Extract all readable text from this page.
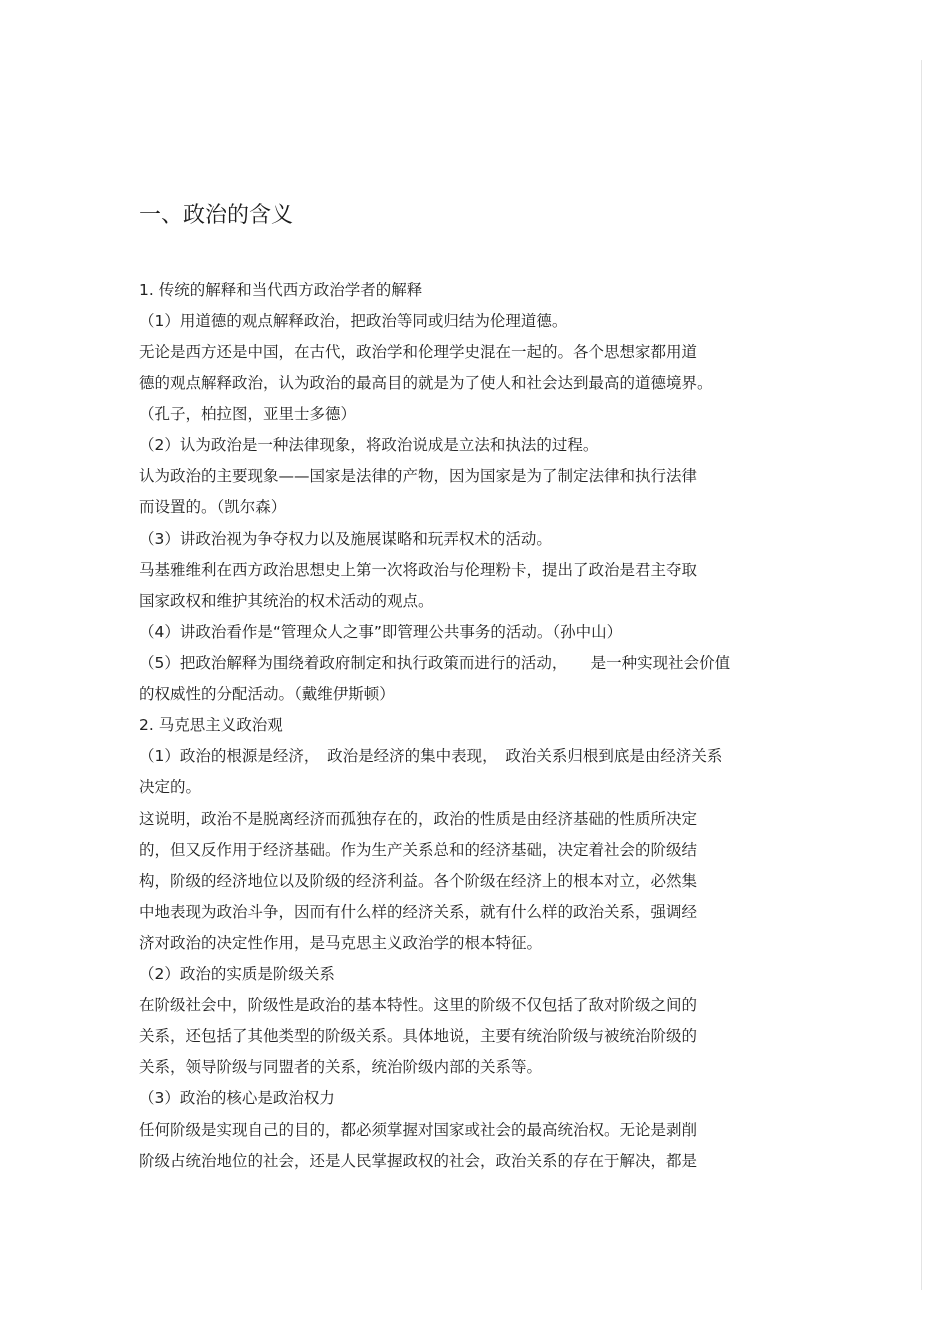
一、政治的含义
1. 传统的解释和当代西方政治学者的解释
（1）用道德的观点解释政治，把政治等同或归结为伦理道德。
无论是西方还是中国，在古代，政治学和伦理学史混在一起的。各个思想家都用道
德的观点解释政治，认为政治的最高目的就是为了使人和社会达到最高的道德境界。
（孔子，柏拉图，亚里士多德）
（2）认为政治是一种法律现象，将政治说成是立法和执法的过程。
认为政治的主要现象——国家是法律的产物，因为国家是为了制定法律和执行法律
而设置的。（凯尔森）
（3）讲政治视为争夺权力以及施展谋略和玩弄权术的活动。
马基雅维利在西方政治思想史上第一次将政治与伦理粉卡，提出了政治是君主夺取
国家政权和维护其统治的权术活动的观点。
（4）讲政治看作是“管理众人之事”即管理公共事务的活动。（孙中山）
（5）把政治解释为围绕着政府制定和执行政策而进行的活动，　　是一种实现社会价值
的权威性的分配活动。（戴维伊斯顿）
2. 马克思主义政治观
（1）政治的根源是经济，　政治是经济的集中表现，　政治关系归根到底是由经济关系
决定的。
这说明，政治不是脱离经济而孤独存在的，政治的性质是由经济基础的性质所决定
的，但又反作用于经济基础。作为生产关系总和的经济基础，决定着社会的阶级结
构，阶级的经济地位以及阶级的经济利益。各个阶级在经济上的根本对立，必然集
中地表现为政治斗争，因而有什么样的经济关系，就有什么样的政治关系，强调经
济对政治的决定性作用，是马克思主义政治学的根本特征。
（2）政治的实质是阶级关系
在阶级社会中，阶级性是政治的基本特性。这里的阶级不仅包括了敌对阶级之间的
关系，还包括了其他类型的阶级关系。具体地说，主要有统治阶级与被统治阶级的
关系，领导阶级与同盟者的关系，统治阶级内部的关系等。
（3）政治的核心是政治权力
任何阶级是实现自己的目的，都必须掌握对国家或社会的最高统治权。无论是剥削
阶级占统治地位的社会，还是人民掌握政权的社会，政治关系的存在于解决，都是
